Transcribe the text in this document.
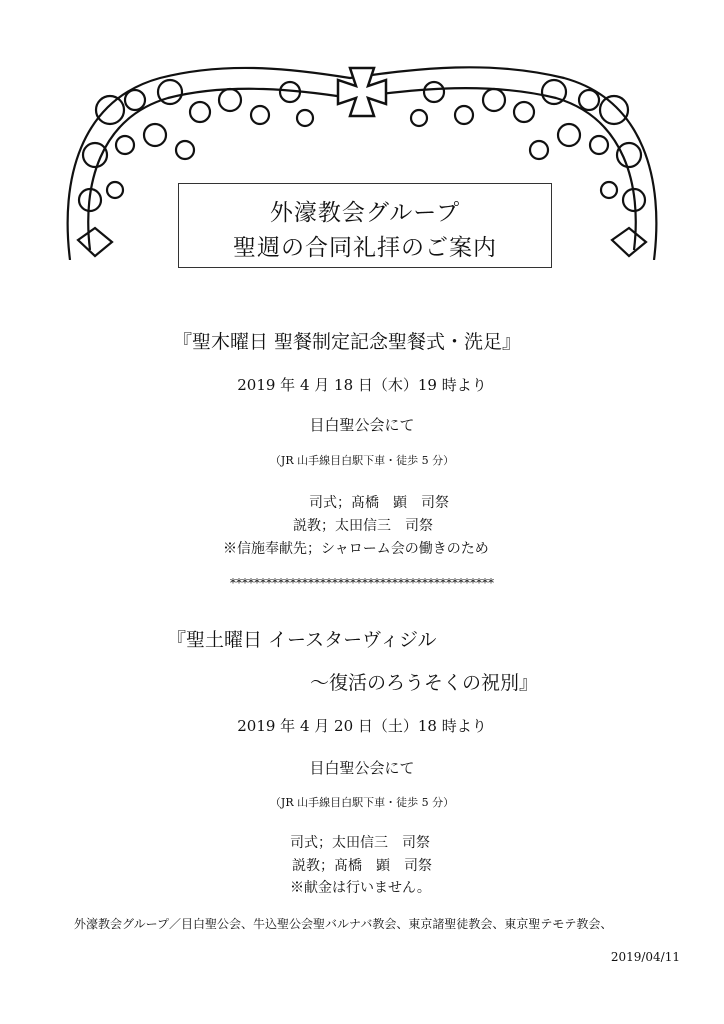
外濠教会グループ
聖週の合同礼拝のご案内
『聖木曜日 聖餐制定記念聖餐式・洗足』
2019 年 4 月 18 日（木）19 時より
目白聖公会にて
（JR 山手線目白駅下車・徒歩 5 分）
司式；髙橋　顕　司祭
説教；太田信三　司祭
※信施奉献先；シャローム会の働きのため
********************************************
『聖土曜日 イースターヴィジル
～復活のろうそくの祝別』
2019 年 4 月 20 日（土）18 時より
目白聖公会にて
（JR 山手線目白駅下車・徒歩 5 分）
司式；太田信三　司祭
説教；髙橋　顕　司祭
※献金は行いません。
外濠教会グループ／目白聖公会、牛込聖公会聖バルナバ教会、東京諸聖徒教会、東京聖テモテ教会、
2019/04/11
